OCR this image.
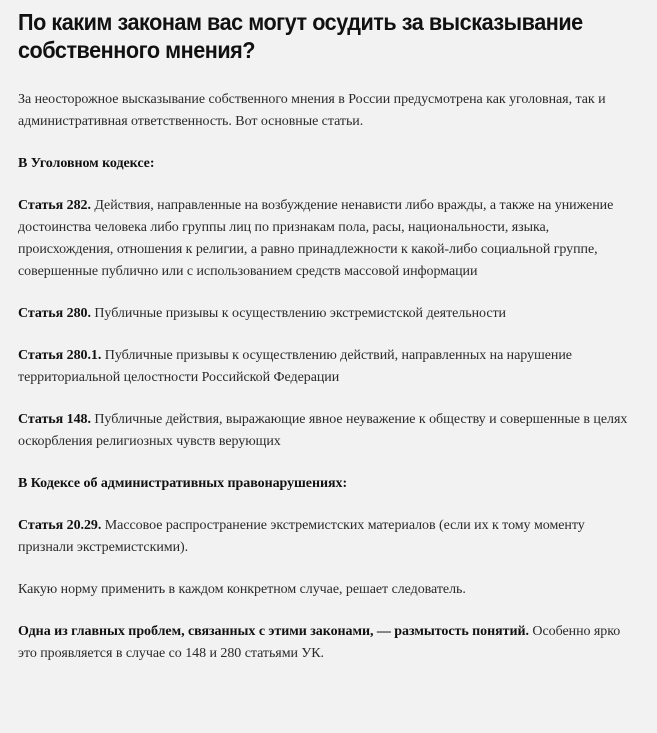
По каким законам вас могут осудить за высказывание собственного мнения?

За неосторожное высказывание собственного мнения в России предусмотрена как уголовная, так и административная ответственность. Вот основные статьи.

В Уголовном кодексе:

Статья 282. Действия, направленные на возбуждение ненависти либо вражды, а также на унижение достоинства человека либо группы лиц по признакам пола, расы, национальности, языка, происхождения, отношения к религии, а равно принадлежности к какой-либо социальной группе, совершенные публично или с использованием средств массовой информации

Статья 280. Публичные призывы к осуществлению экстремистской деятельности

Статья 280.1. Публичные призывы к осуществлению действий, направленных на нарушение территориальной целостности Российской Федерации

Статья 148. Публичные действия, выражающие явное неуважение к обществу и совершенные в целях оскорбления религиозных чувств верующих

В Кодексе об административных правонарушениях:

Статья 20.29. Массовое распространение экстремистских материалов (если их к тому моменту признали экстремистскими).

Какую норму применить в каждом конкретном случае, решает следователь.

Одна из главных проблем, связанных с этими законами, — размытость понятий. Особенно ярко это проявляется в случае со 148 и 280 статьями УК.
